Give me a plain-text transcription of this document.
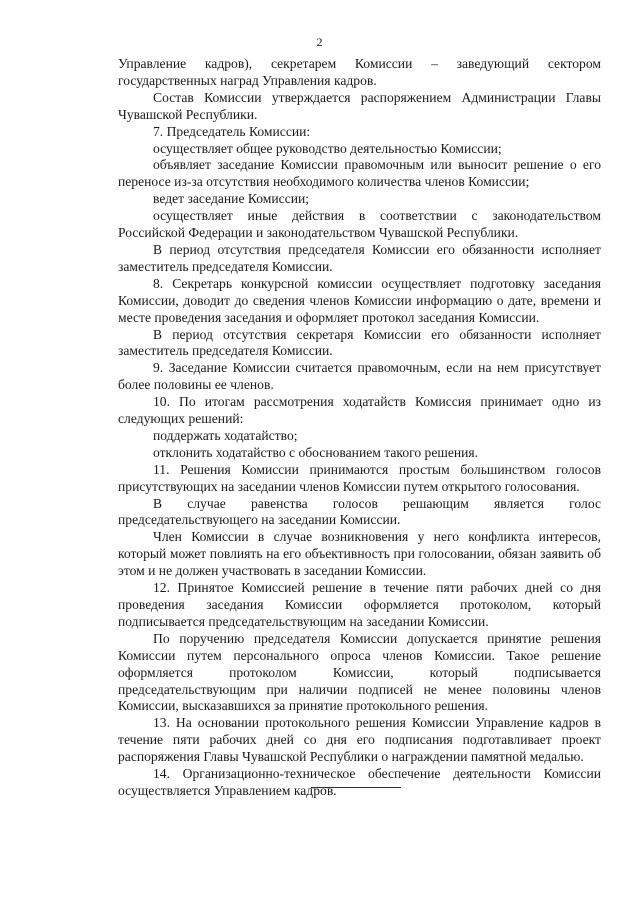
2

Управление кадров), секретарем Комиссии – заведующий сектором государственных наград Управления кадров.

Состав Комиссии утверждается распоряжением Администрации Главы Чувашской Республики.

7. Председатель Комиссии:

осуществляет общее руководство деятельностью Комиссии;

объявляет заседание Комиссии правомочным или выносит решение о его переносе из-за отсутствия необходимого количества членов Комиссии;

ведет заседание Комиссии;

осуществляет иные действия в соответствии с законодательством Российской Федерации и законодательством Чувашской Республики.

В период отсутствия председателя Комиссии его обязанности исполняет заместитель председателя Комиссии.

8. Секретарь конкурсной комиссии осуществляет подготовку заседания Комиссии, доводит до сведения членов Комиссии информацию о дате, времени и месте проведения заседания и оформляет протокол заседания Комиссии.

В период отсутствия секретаря Комиссии его обязанности исполняет заместитель председателя Комиссии.

9. Заседание Комиссии считается правомочным, если на нем присутствует более половины ее членов.

10. По итогам рассмотрения ходатайств Комиссия принимает одно из следующих решений:

поддержать ходатайство;

отклонить ходатайство с обоснованием такого решения.

11. Решения Комиссии принимаются простым большинством голосов присутствующих на заседании членов Комиссии путем открытого голосования.

В случае равенства голосов решающим является голос председательствующего на заседании Комиссии.

Член Комиссии в случае возникновения у него конфликта интересов, который может повлиять на его объективность при голосовании, обязан заявить об этом и не должен участвовать в заседании Комиссии.

12. Принятое Комиссией решение в течение пяти рабочих дней со дня проведения заседания Комиссии оформляется протоколом, который подписывается председательствующим на заседании Комиссии.

По поручению председателя Комиссии допускается принятие решения Комиссии путем персонального опроса членов Комиссии. Такое решение оформляется протоколом Комиссии, который подписывается председательствующим при наличии подписей не менее половины членов Комиссии, высказавшихся за принятие протокольного решения.

13. На основании протокольного решения Комиссии Управление кадров в течение пяти рабочих дней со дня его подписания подготавливает проект распоряжения Главы Чувашской Республики о награждении памятной медалью.

14. Организационно-техническое обеспечение деятельности Комиссии осуществляется Управлением кадров.
